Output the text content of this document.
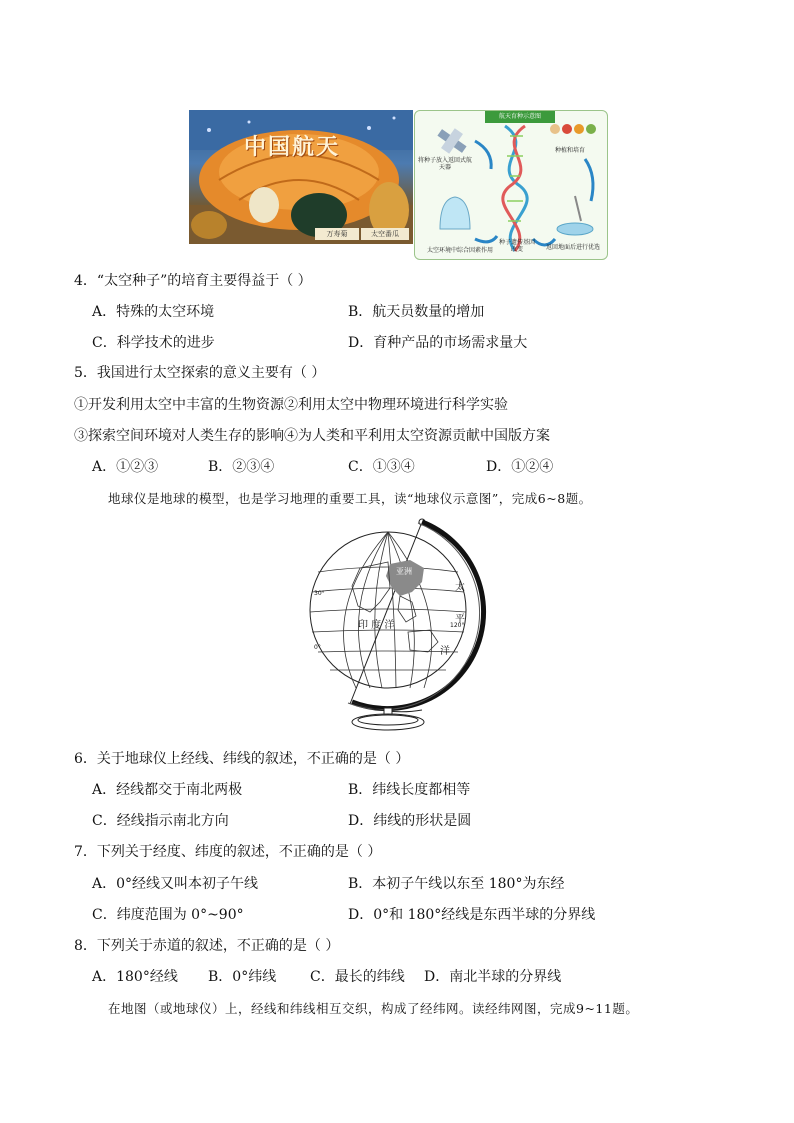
中国航天
万寿菊	太空番瓜
航天育种示意图
将种子放入返回式航天器
太空环境中综合因素作用
种子遗传基因改变	返回地面后进行优选
种植和培育
4．“太空种子”的培育主要得益于（ ）
A．特殊的太空环境	B．航天员数量的增加
C．科学技术的进步	D．育种产品的市场需求量大
5．我国进行太空探索的意义主要有（ ）
①开发利用太空中丰富的生物资源②利用太空中物理环境进行科学实验
③探索空间环境对人类生存的影响④为人类和平利用太空资源贡献中国版方案
A．①②③	B．②③④	C．①③④	D．①②④
地球仪是地球的模型，也是学习地理的重要工具，读“地球仪示意图”，完成6~8题。
亚洲
太
平
洋
印 度 洋	120°
30°
0°
6．关于地球仪上经线、纬线的叙述，不正确的是（ ）
A．经线都交于南北两极	B．纬线长度都相等
C．经线指示南北方向	D．纬线的形状是圆
7．下列关于经度、纬度的叙述，不正确的是（ ）
A．0°经线又叫本初子午线	B．本初子午线以东至 180°为东经
C．纬度范围为 0°~90°	D．0°和 180°经线是东西半球的分界线
8．下列关于赤道的叙述，不正确的是（ ）
A．180°经线 B．0°纬线 C．最长的纬线 D．南北半球的分界线
在地图（或地球仪）上，经线和纬线相互交织，构成了经纬网。读经纬网图，完成9~11题。
